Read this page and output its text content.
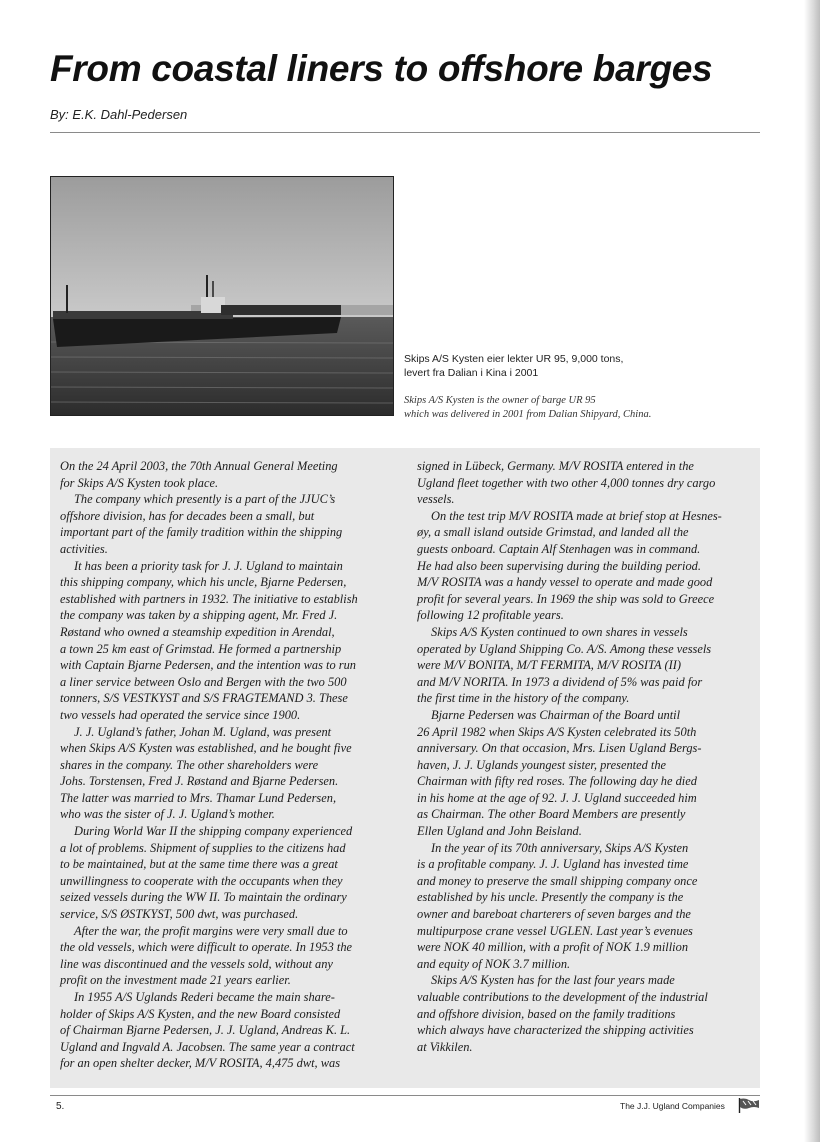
From coastal liners to offshore barges
By: E.K. Dahl-Pedersen
Skips A/S Kysten eier lekter UR 95, 9,000 tons,
levert fra Dalian i Kina i 2001
Skips A/S Kysten is the owner of barge UR 95
which was delivered in 2001 from Dalian Shipyard, China.
On the 24 April 2003, the 70th Annual General Meeting
for Skips A/S Kysten took place.
The company which presently is a part of the JJUC’s
offshore division, has for decades been a small, but
important part of the family tradition within the shipping
activities.
It has been a priority task for J. J. Ugland to maintain
this shipping company, which his uncle, Bjarne Pedersen,
established with partners in 1932. The initiative to establish
the company was taken by a shipping agent, Mr. Fred J.
Røstand who owned a steamship expedition in Arendal,
a town 25 km east of Grimstad. He formed a partnership
with Captain Bjarne Pedersen, and the intention was to run
a liner service between Oslo and Bergen with the two 500
tonners, S/S VESTKYST and S/S FRAGTEMAND 3. These
two vessels had operated the service since 1900.
J. J. Ugland’s father, Johan M. Ugland, was present
when Skips A/S Kysten was established, and he bought five
shares in the company. The other shareholders were
Johs. Torstensen, Fred J. Røstand and Bjarne Pedersen.
The latter was married to Mrs. Thamar Lund Pedersen,
who was the sister of J. J. Ugland’s mother.
During World War II the shipping company experienced
a lot of problems. Shipment of supplies to the citizens had
to be maintained, but at the same time there was a great
unwillingness to cooperate with the occupants when they
seized vessels during the WW II. To maintain the ordinary
service, S/S ØSTKYST, 500 dwt, was purchased.
After the war, the profit margins were very small due to
the old vessels, which were difficult to operate. In 1953 the
line was discontinued and the vessels sold, without any
profit on the investment made 21 years earlier.
In 1955 A/S Uglands Rederi became the main share-
holder of Skips A/S Kysten, and the new Board consisted
of Chairman Bjarne Pedersen, J. J. Ugland, Andreas K. L.
Ugland and Ingvald A. Jacobsen. The same year a contract
for an open shelter decker, M/V ROSITA, 4,475 dwt, was
signed in Lübeck, Germany. M/V ROSITA entered in the
Ugland fleet together with two other 4,000 tonnes dry cargo
vessels.
On the test trip M/V ROSITA made at brief stop at Hesnes-
øy, a small island outside Grimstad, and landed all the
guests onboard. Captain Alf Stenhagen was in command.
He had also been supervising during the building period.
M/V ROSITA was a handy vessel to operate and made good
profit for several years. In 1969 the ship was sold to Greece
following 12 profitable years.
Skips A/S Kysten continued to own shares in vessels
operated by Ugland Shipping Co. A/S. Among these vessels
were M/V BONITA, M/T FERMITA, M/V ROSITA (II)
and M/V NORITA. In 1973 a dividend of 5% was paid for
the first time in the history of the company.
Bjarne Pedersen was Chairman of the Board until
26 April 1982 when Skips A/S Kysten celebrated its 50th
anniversary. On that occasion, Mrs. Lisen Ugland Bergs-
haven, J. J. Uglands youngest sister, presented the
Chairman with fifty red roses. The following day he died
in his home at the age of 92. J. J. Ugland succeeded him
as Chairman. The other Board Members are presently
Ellen Ugland and John Beisland.
In the year of its 70th anniversary, Skips A/S Kysten
is a profitable company. J. J. Ugland has invested time
and money to preserve the small shipping company once
established by his uncle. Presently the company is the
owner and bareboat charterers of seven barges and the
multipurpose crane vessel UGLEN. Last year’s evenues
were NOK 40 million, with a profit of NOK 1.9 million
and equity of NOK 3.7 million.
Skips A/S Kysten has for the last four years made
valuable contributions to the development of the industrial
and offshore division, based on the family traditions
which always have characterized the shipping activities
at Vikkilen.
5.	The J.J. Ugland Companies
